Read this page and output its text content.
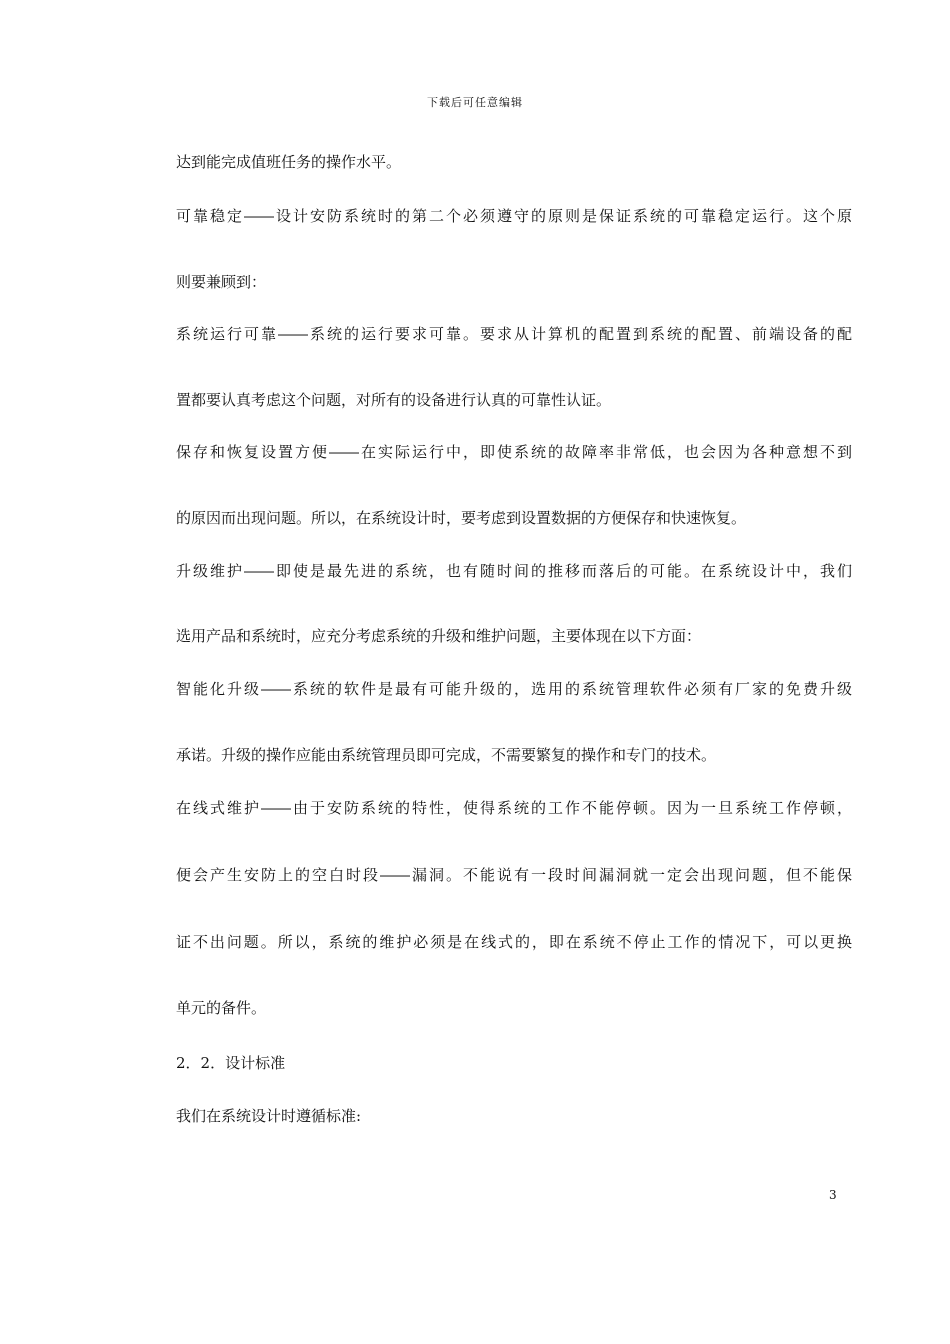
下载后可任意编辑
达到能完成值班任务的操作水平。
可靠稳定――设计安防系统时的第二个必须遵守的原则是保证系统的可靠稳定运行。这个原
则要兼顾到：
系统运行可靠――系统的运行要求可靠。要求从计算机的配置到系统的配置、前端设备的配
置都要认真考虑这个问题，对所有的设备进行认真的可靠性认证。
保存和恢复设置方便――在实际运行中，即使系统的故障率非常低，也会因为各种意想不到
的原因而出现问题。所以，在系统设计时，要考虑到设置数据的方便保存和快速恢复。
升级维护――即使是最先进的系统，也有随时间的推移而落后的可能。在系统设计中，我们
选用产品和系统时，应充分考虑系统的升级和维护问题，主要体现在以下方面：
智能化升级――系统的软件是最有可能升级的，选用的系统管理软件必须有厂家的免费升级
承诺。升级的操作应能由系统管理员即可完成，不需要繁复的操作和专门的技术。
在线式维护――由于安防系统的特性，使得系统的工作不能停顿。因为一旦系统工作停顿，
便会产生安防上的空白时段――漏洞。不能说有一段时间漏洞就一定会出现问题，但不能保
证不出问题。所以，系统的维护必须是在线式的，即在系统不停止工作的情况下，可以更换
单元的备件。
2．2．设计标准
我们在系统设计时遵循标准:
3
